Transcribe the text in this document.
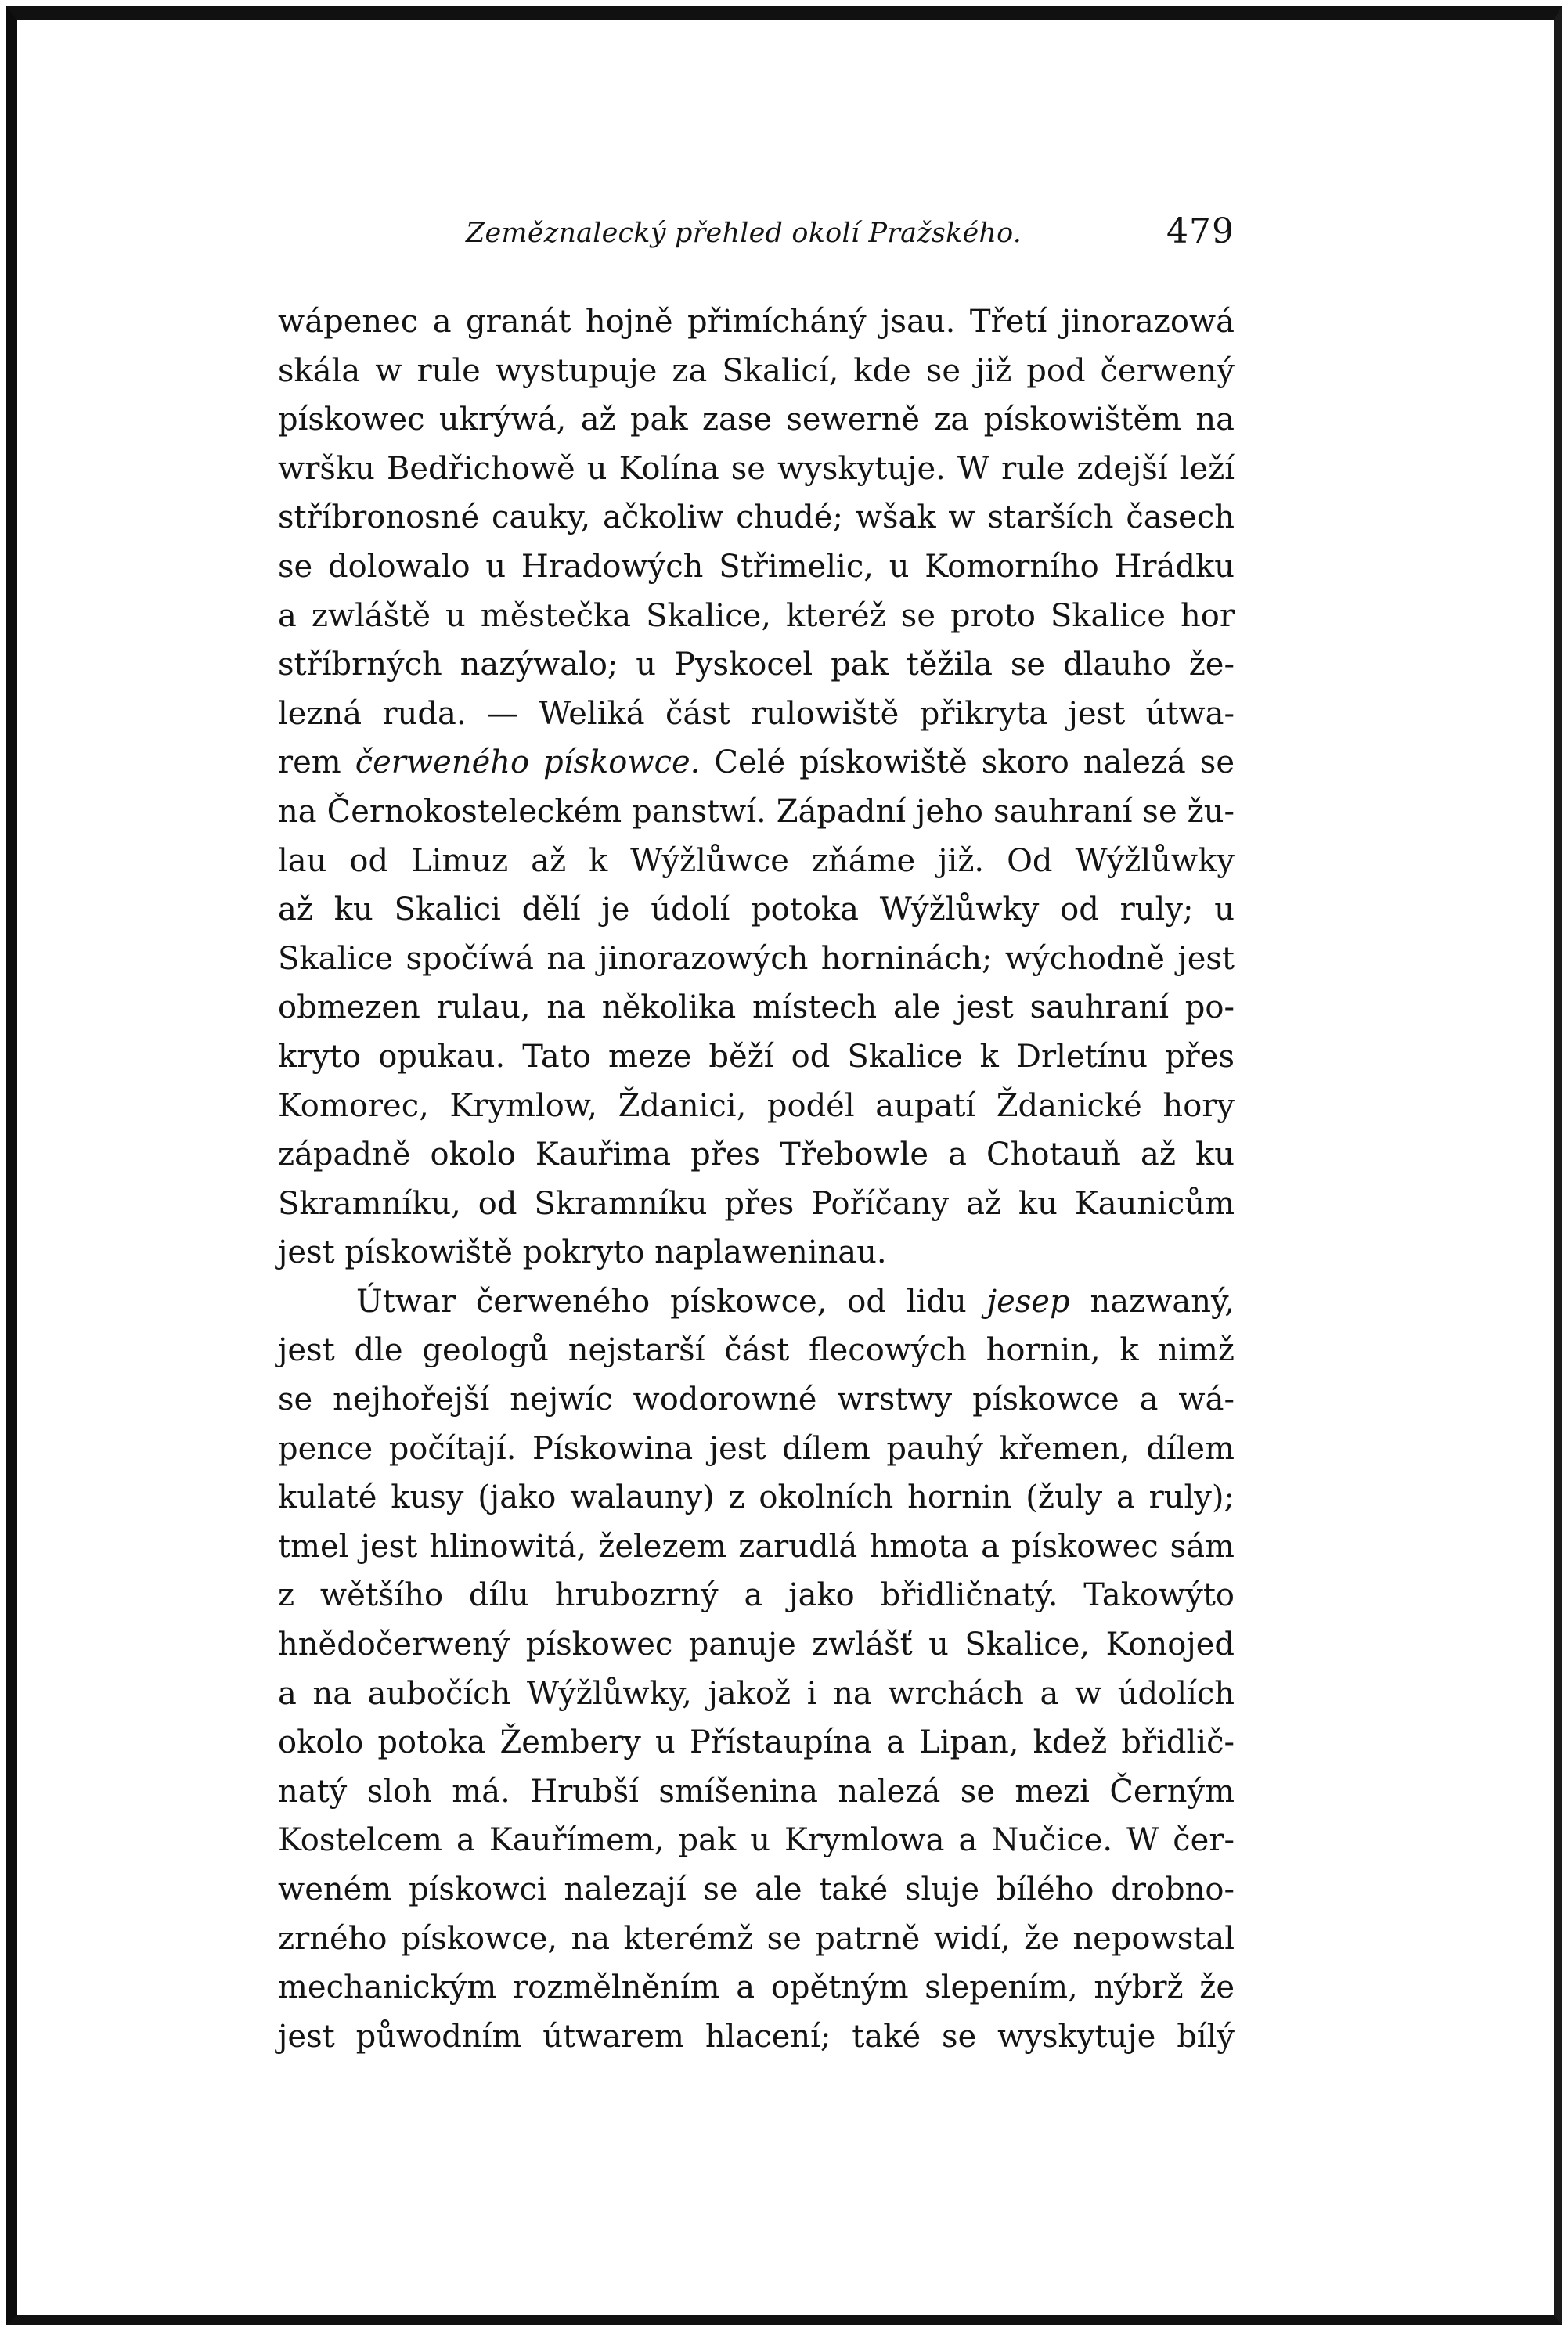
Zeměznalecký přehled okolí Pražského.	479
wápenec a granát hojně přimícháný jsau. Třetí jinorazowá
skála w rule wystupuje za Skalicí, kde se již pod čerwený
pískowec ukrýwá, až pak zase sewerně za pískowištěm na
wršku Bedřichowě u Kolína se wyskytuje. W rule zdejší leží
stříbronosné cauky, ačkoliw chudé; wšak w starších časech
se dolowalo u Hradowých Střimelic, u Komorního Hrádku
a zwláště u městečka Skalice, kteréž se proto Skalice hor
stříbrných nazýwalo; u Pyskocel pak těžila se dlauho že-
lezná ruda. — Weliká část rulowiště přikryta jest útwa-
rem čerweného pískowce. Celé pískowiště skoro nalezá se
na Černokosteleckém panstwí. Západní jeho sauhraní se žu-
lau od Limuz až k Wýžlůwce zňáme již. Od Wýžlůwky
až ku Skalici dělí je údolí potoka Wýžlůwky od ruly; u
Skalice spočíwá na jinorazowých horninách; wýchodně jest
obmezen rulau, na několika místech ale jest sauhraní po-
kryto opukau. Tato meze běží od Skalice k Drletínu přes
Komorec, Krymlow, Ždanici, podél aupatí Ždanické hory
západně okolo Kauřima přes Třebowle a Chotauň až ku
Skramníku, od Skramníku přes Poříčany až ku Kaunicům
jest pískowiště pokryto naplaweninau.
Útwar čerweného pískowce, od lidu jesep nazwaný,
jest dle geologů nejstarší část flecowých hornin, k nimž
se nejhořejší nejwíc wodorowné wrstwy pískowce a wá-
pence počítají. Pískowina jest dílem pauhý křemen, dílem
kulaté kusy (jako walauny) z okolních hornin (žuly a ruly);
tmel jest hlinowitá, železem zarudlá hmota a pískowec sám
z wětšího dílu hrubozrný a jako břidličnatý. Takowýto
hnědočerwený pískowec panuje zwlášť u Skalice, Konojed
a na aubočích Wýžlůwky, jakož i na wrchách a w údolích
okolo potoka Žembery u Přístaupína a Lipan, kdež břidlič-
natý sloh má. Hrubší smíšenina nalezá se mezi Černým
Kostelcem a Kauřímem, pak u Krymlowa a Nučice. W čer-
weném pískowci nalezají se ale také sluje bílého drobno-
zrného pískowce, na kterémž se patrně widí, že nepowstal
mechanickým rozmělněním a opětným slepením, nýbrž že
jest půwodním útwarem hlacení; také se wyskytuje bílý
